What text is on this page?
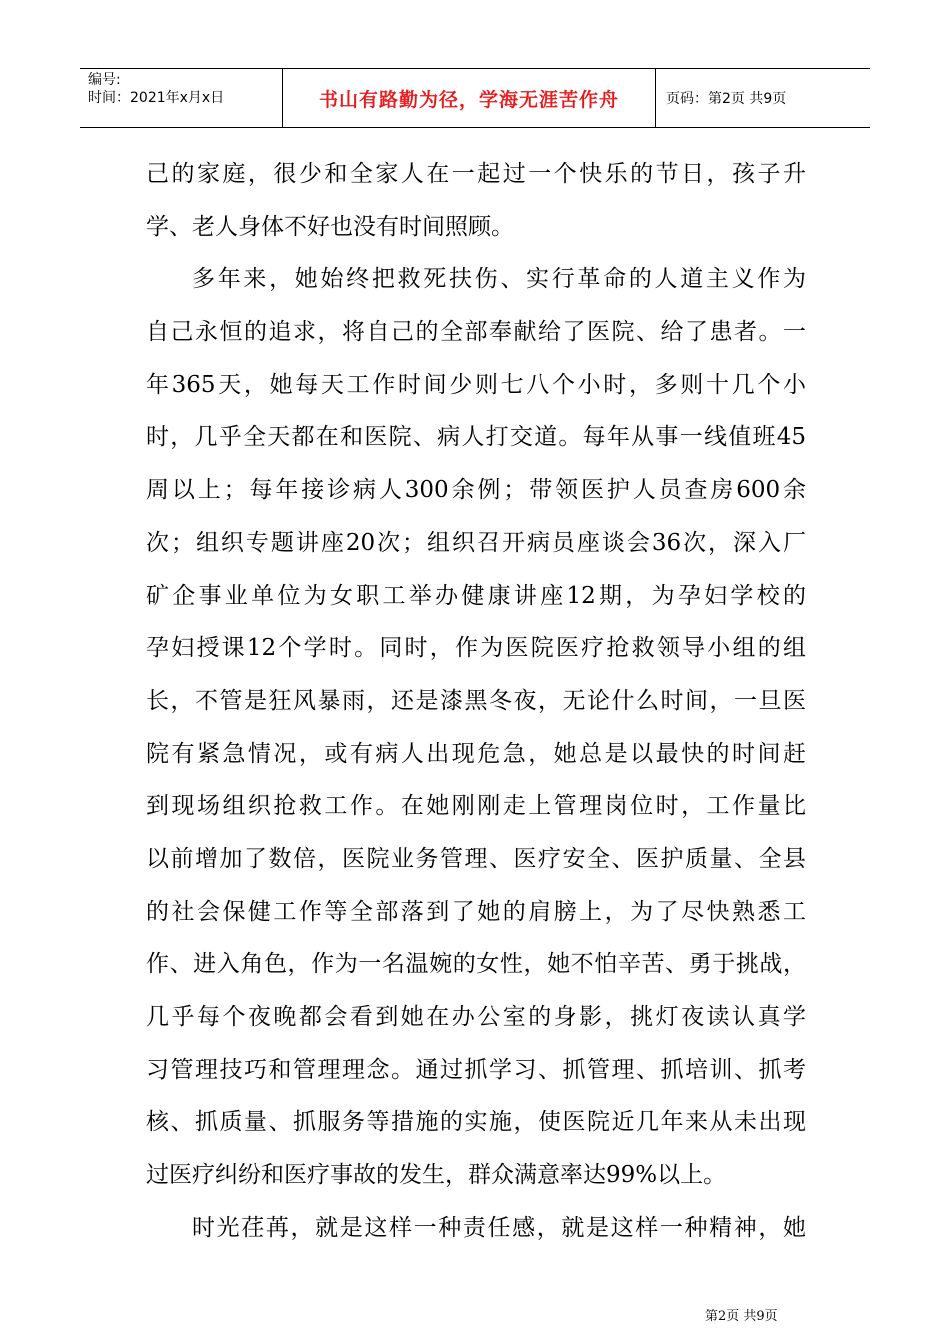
编号:
时间：2021年x月x日	书山有路勤为径，学海无涯苦作舟	页码：第2页 共9页
己的家庭，很少和全家人在一起过一个快乐的节日，孩子升
学、老人身体不好也没有时间照顾。
多年来，她始终把救死扶伤、实行革命的人道主义作为
自己永恒的追求，将自己的全部奉献给了医院、给了患者。一
年365天，她每天工作时间少则七八个小时，多则十几个小
时，几乎全天都在和医院、病人打交道。每年从事一线值班45
周以上；每年接诊病人300余例；带领医护人员查房600余
次；组织专题讲座20次；组织召开病员座谈会36次，深入厂
矿企事业单位为女职工举办健康讲座12期，为孕妇学校的
孕妇授课12个学时。同时，作为医院医疗抢救领导小组的组
长，不管是狂风暴雨，还是漆黑冬夜，无论什么时间，一旦医
院有紧急情况，或有病人出现危急，她总是以最快的时间赶
到现场组织抢救工作。在她刚刚走上管理岗位时，工作量比
以前增加了数倍，医院业务管理、医疗安全、医护质量、全县
的社会保健工作等全部落到了她的肩膀上，为了尽快熟悉工
作、进入角色，作为一名温婉的女性，她不怕辛苦、勇于挑战，
几乎每个夜晚都会看到她在办公室的身影，挑灯夜读认真学
习管理技巧和管理理念。通过抓学习、抓管理、抓培训、抓考
核、抓质量、抓服务等措施的实施，使医院近几年来从未出现
过医疗纠纷和医疗事故的发生，群众满意率达99%以上。
时光荏苒，就是这样一种责任感，就是这样一种精神，她
第2页 共9页
